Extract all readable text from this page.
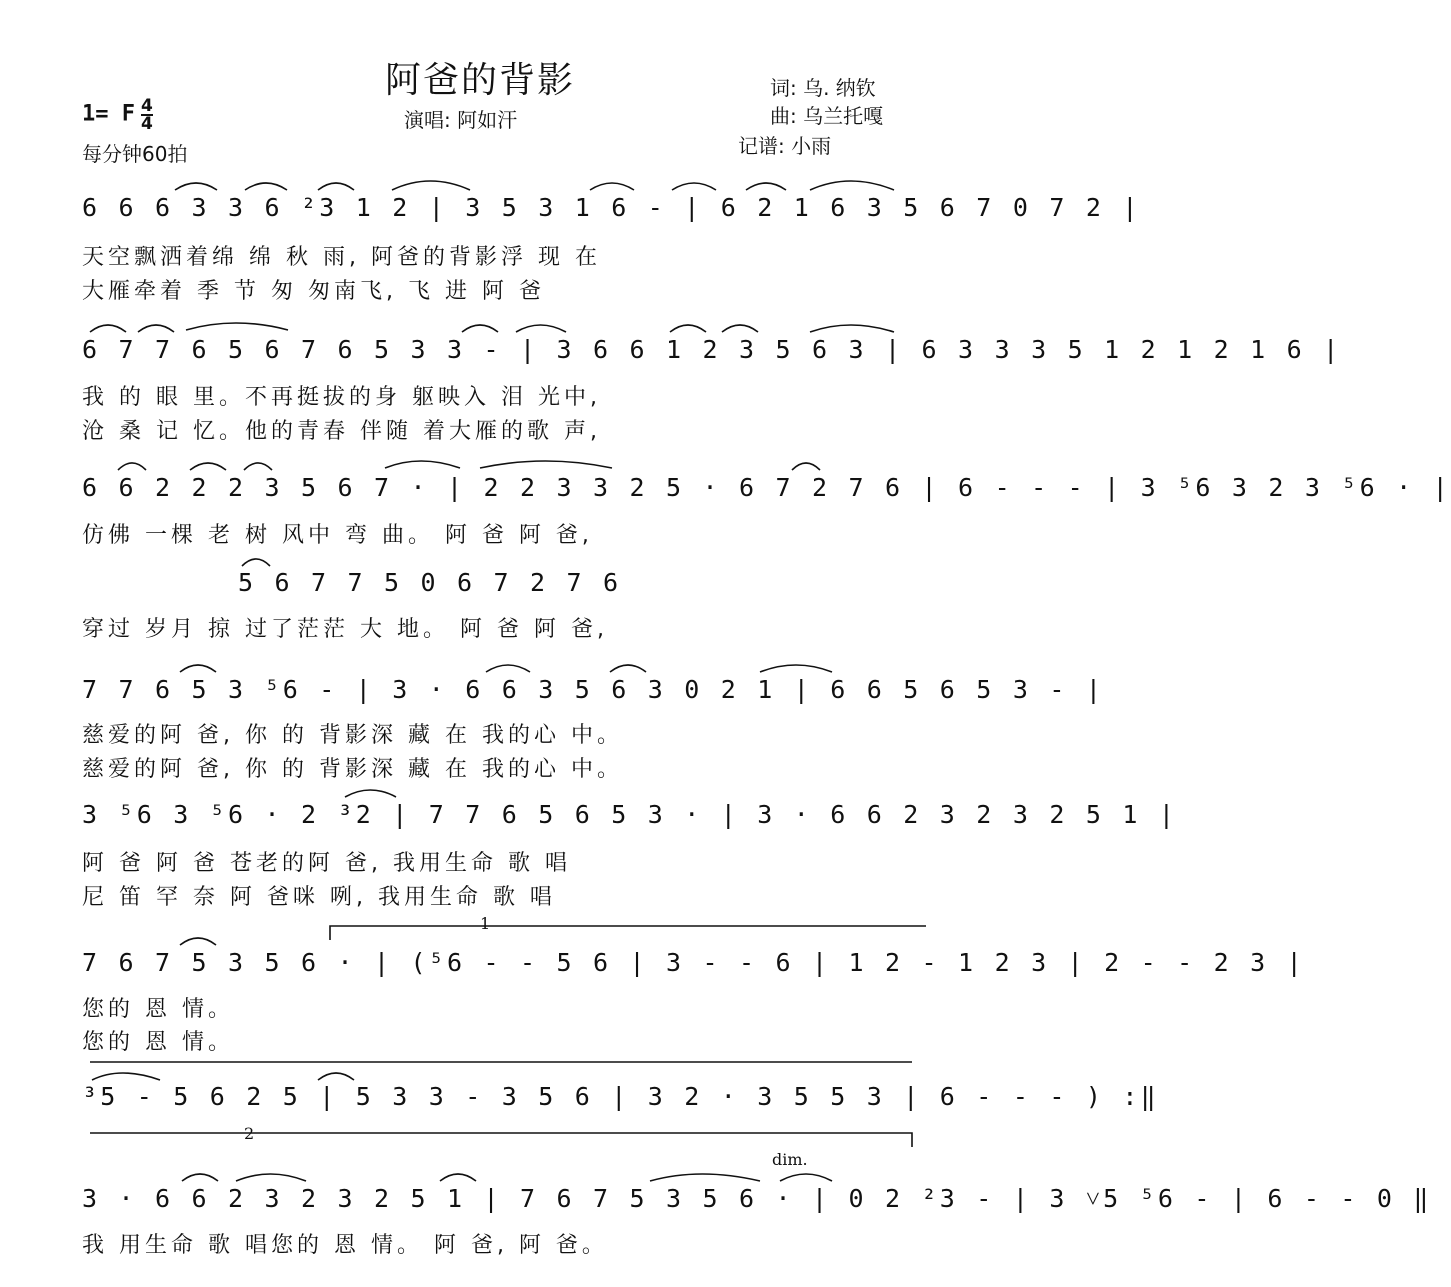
阿爸的背影
1= F $\frac{4}{4}$
每分钟60拍
演唱: 阿如汗
词: 乌. 纳钦
曲: 乌兰托嘎
记谱: 小雨
6 6 6 3 3 6 ²3 1 2 | 3 5 3 1 6 - | 6 2 1 6 3 5 6 7 0 7 2 |
天空飘洒着绵 绵 秋 雨, 阿爸的背影浮 现 在
大雁牵着 季 节 匆 匆南飞, 飞 进 阿 爸
6 7 7 6 5 6 7 6 5 3 3 - | 3 6 6 1 2 3 5 6 3 | 6 3 3 3 5 1 2 1 2 1 6 |
我 的 眼 里。不再挺拔的身 躯映入 泪 光中,
沧 桑 记 忆。他的青春 伴随 着大雁的歌 声,
6 6 2 2 2 3 5 6 7 · | 2 2 3 3 2 5 · 6 7 2 7 6 | 6 - - - | 3 ⁵6 3 2 3 ⁵6 · |
仿佛 一棵 老 树 风中 弯 曲。 阿 爸 阿 爸,
5 6 7 7 5 0 6 7 2 7 6
穿过 岁月 掠 过了茫茫 大 地。 阿 爸 阿 爸,
7 7 6 5 3 ⁵6 - | 3 · 6 6 3 5 6 3 0 2 1 | 6 6 5 6 5 3 - |
慈爱的阿 爸, 你 的 背影深 藏 在 我的心 中。
慈爱的阿 爸, 你 的 背影深 藏 在 我的心 中。
3 ⁵6 3 ⁵6 · 2 ³2 | 7 7 6 5 6 5 3 · | 3 · 6 6 2 3 2 3 2 5 1 |
阿 爸 阿 爸 苍老的阿 爸, 我用生命 歌 唱
尼 笛 罕 奈 阿 爸咪 咧, 我用生命 歌 唱
1
7 6 7 5 3 5 6 · | (⁵6 - - 5 6 | 3 - - 6 | 1 2 - 1 2 3 | 2 - - 2 3 |
您的 恩 情。
您的 恩 情。
³5 - 5 6 2 5 | 5 3 3 - 3 5 6 | 3 2 · 3 5 5 3 | 6 - - - ) :‖
2
dim.
3 · 6 6 2 3 2 3 2 5 1 | 7 6 7 5 3 5 6 · | 0 2 ²3 - | 3 ˅5 ⁵6 - | 6 - - 0 ‖
我 用生命 歌 唱您的 恩 情。 阿 爸, 阿 爸。
